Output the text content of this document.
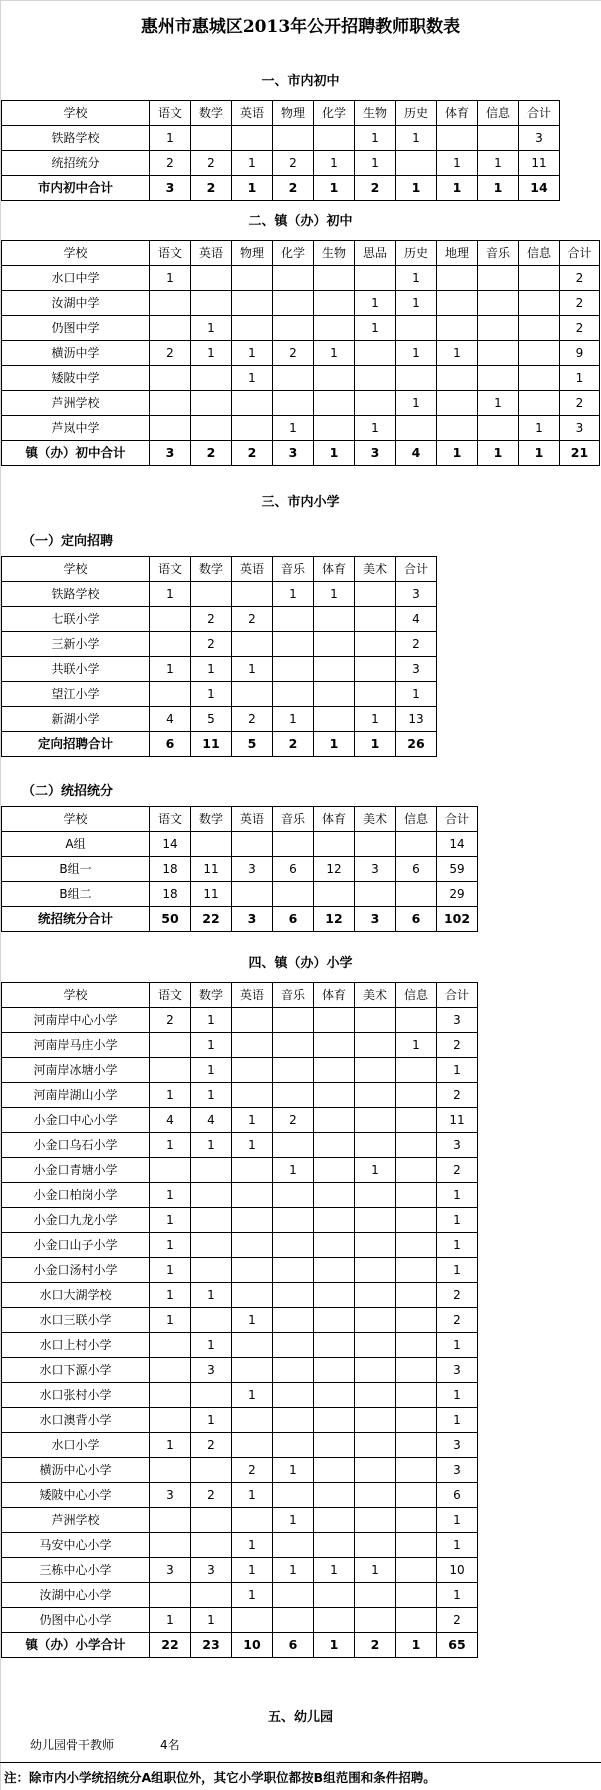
惠州市惠城区2013年公开招聘教师职数表
一、市内初中
学校	语文	数学	英语	物理	化学	生物	历史	体育	信息	合计
铁路学校	1					1	1			3
统招统分	2	2	1	2	1	1		1	1	11
市内初中合计	3	2	1	2	1	2	1	1	1	14
二、镇（办）初中
学校	语文	英语	物理	化学	生物	思品	历史	地理	音乐	信息	合计
水口中学	1						1				2
汝湖中学						1	1				2
仍图中学		1				1					2
横沥中学	2	1	1	2	1		1	1			9
矮陂中学			1								1
芦洲学校							1		1		2
芦岚中学				1		1				1	3
镇（办）初中合计	3	2	2	3	1	3	4	1	1	1	21
三、市内小学
（一）定向招聘
学校	语文	数学	英语	音乐	体育	美术	合计
铁路学校	1			1	1		3
七联小学		2	2				4
三新小学		2					2
共联小学	1	1	1				3
望江小学		1					1
新湖小学	4	5	2	1		1	13
定向招聘合计	6	11	5	2	1	1	26
（二）统招统分
学校	语文	数学	英语	音乐	体育	美术	信息	合计
A组	14							14
B组一	18	11	3	6	12	3	6	59
B组二	18	11						29
统招统分合计	50	22	3	6	12	3	6	102
四、镇（办）小学
学校	语文	数学	英语	音乐	体育	美术	信息	合计
河南岸中心小学	2	1						3
河南岸马庄小学		1					1	2
河南岸冰塘小学		1						1
河南岸湖山小学	1	1						2
小金口中心小学	4	4	1	2				11
小金口乌石小学	1	1	1					3
小金口青塘小学				1		1		2
小金口柏岗小学	1							1
小金口九龙小学	1							1
小金口山子小学	1							1
小金口汤村小学	1							1
水口大湖学校	1	1						2
水口三联小学	1		1					2
水口上村小学		1						1
水口下源小学		3						3
水口张村小学			1					1
水口澳背小学		1						1
水口小学	1	2						3
横沥中心小学			2	1				3
矮陂中心小学	3	2	1					6
芦洲学校				1				1
马安中心小学			1					1
三栋中心小学	3	3	1	1	1	1		10
汝湖中心小学			1					1
仍图中心小学	1	1						2
镇（办）小学合计	22	23	10	6	1	2	1	65
五、幼儿园
幼儿园骨干教师	4名
注：除市内小学统招统分A组职位外，其它小学职位都按B组范围和条件招聘。
